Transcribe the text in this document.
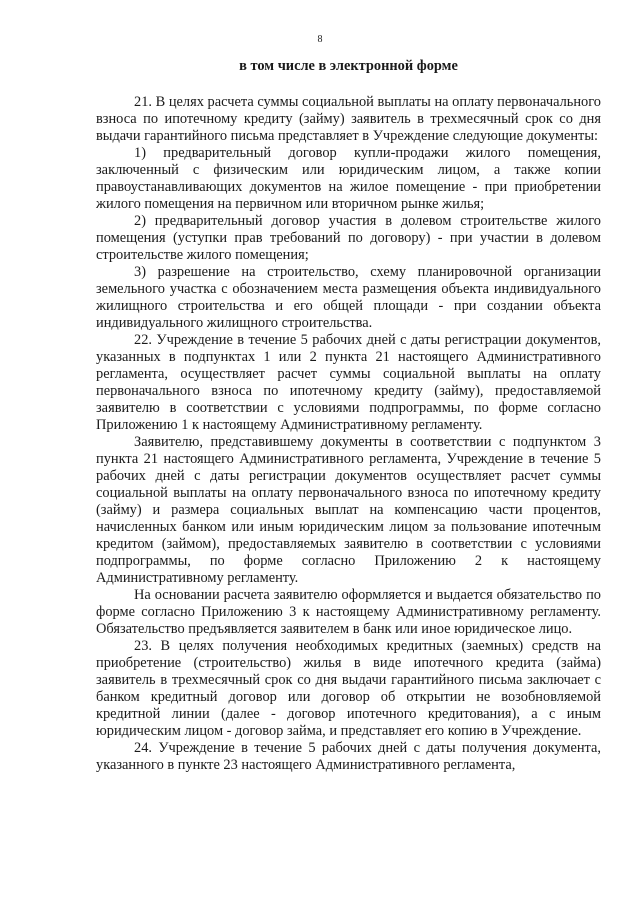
8
в том числе в электронной форме

21. В целях расчета суммы социальной выплаты на оплату первоначального взноса по ипотечному кредиту (займу) заявитель в трехмесячный срок со дня выдачи гарантийного письма представляет в Учреждение следующие документы:

1) предварительный договор купли-продажи жилого помещения, заключенный с физическим или юридическим лицом, а также копии правоустанавливающих документов на жилое помещение - при приобретении жилого помещения на первичном или вторичном рынке жилья;

2) предварительный договор участия в долевом строительстве жилого помещения (уступки прав требований по договору) - при участии в долевом строительстве жилого помещения;

3) разрешение на строительство, схему планировочной организации земельного участка с обозначением места размещения объекта индивидуального жилищного строительства и его общей площади - при создании объекта индивидуального жилищного строительства.

22. Учреждение в течение 5 рабочих дней с даты регистрации документов, указанных в подпунктах 1 или 2 пункта 21 настоящего Административного регламента, осуществляет расчет суммы социальной выплаты на оплату первоначального взноса по ипотечному кредиту (займу), предоставляемой заявителю в соответствии с условиями подпрограммы, по форме согласно Приложению 1 к настоящему Административному регламенту.

Заявителю, представившему документы в соответствии с подпунктом 3 пункта 21 настоящего Административного регламента, Учреждение в течение 5 рабочих дней с даты регистрации документов осуществляет расчет суммы социальной выплаты на оплату первоначального взноса по ипотечному кредиту (займу) и размера социальных выплат на компенсацию части процентов, начисленных банком или иным юридическим лицом за пользование ипотечным кредитом (займом), предоставляемых заявителю в соответствии с условиями подпрограммы, по форме согласно Приложению 2 к настоящему Административному регламенту.

На основании расчета заявителю оформляется и выдается обязательство по форме согласно Приложению 3 к настоящему Административному регламенту. Обязательство предъявляется заявителем в банк или иное юридическое лицо.

23. В целях получения необходимых кредитных (заемных) средств на приобретение (строительство) жилья в виде ипотечного кредита (займа) заявитель в трехмесячный срок со дня выдачи гарантийного письма заключает с банком кредитный договор или договор об открытии не возобновляемой кредитной линии (далее - договор ипотечного кредитования), а с иным юридическим лицом - договор займа, и представляет его копию в Учреждение.

24. Учреждение в течение 5 рабочих дней с даты получения документа, указанного в пункте 23 настоящего Административного регламента,
